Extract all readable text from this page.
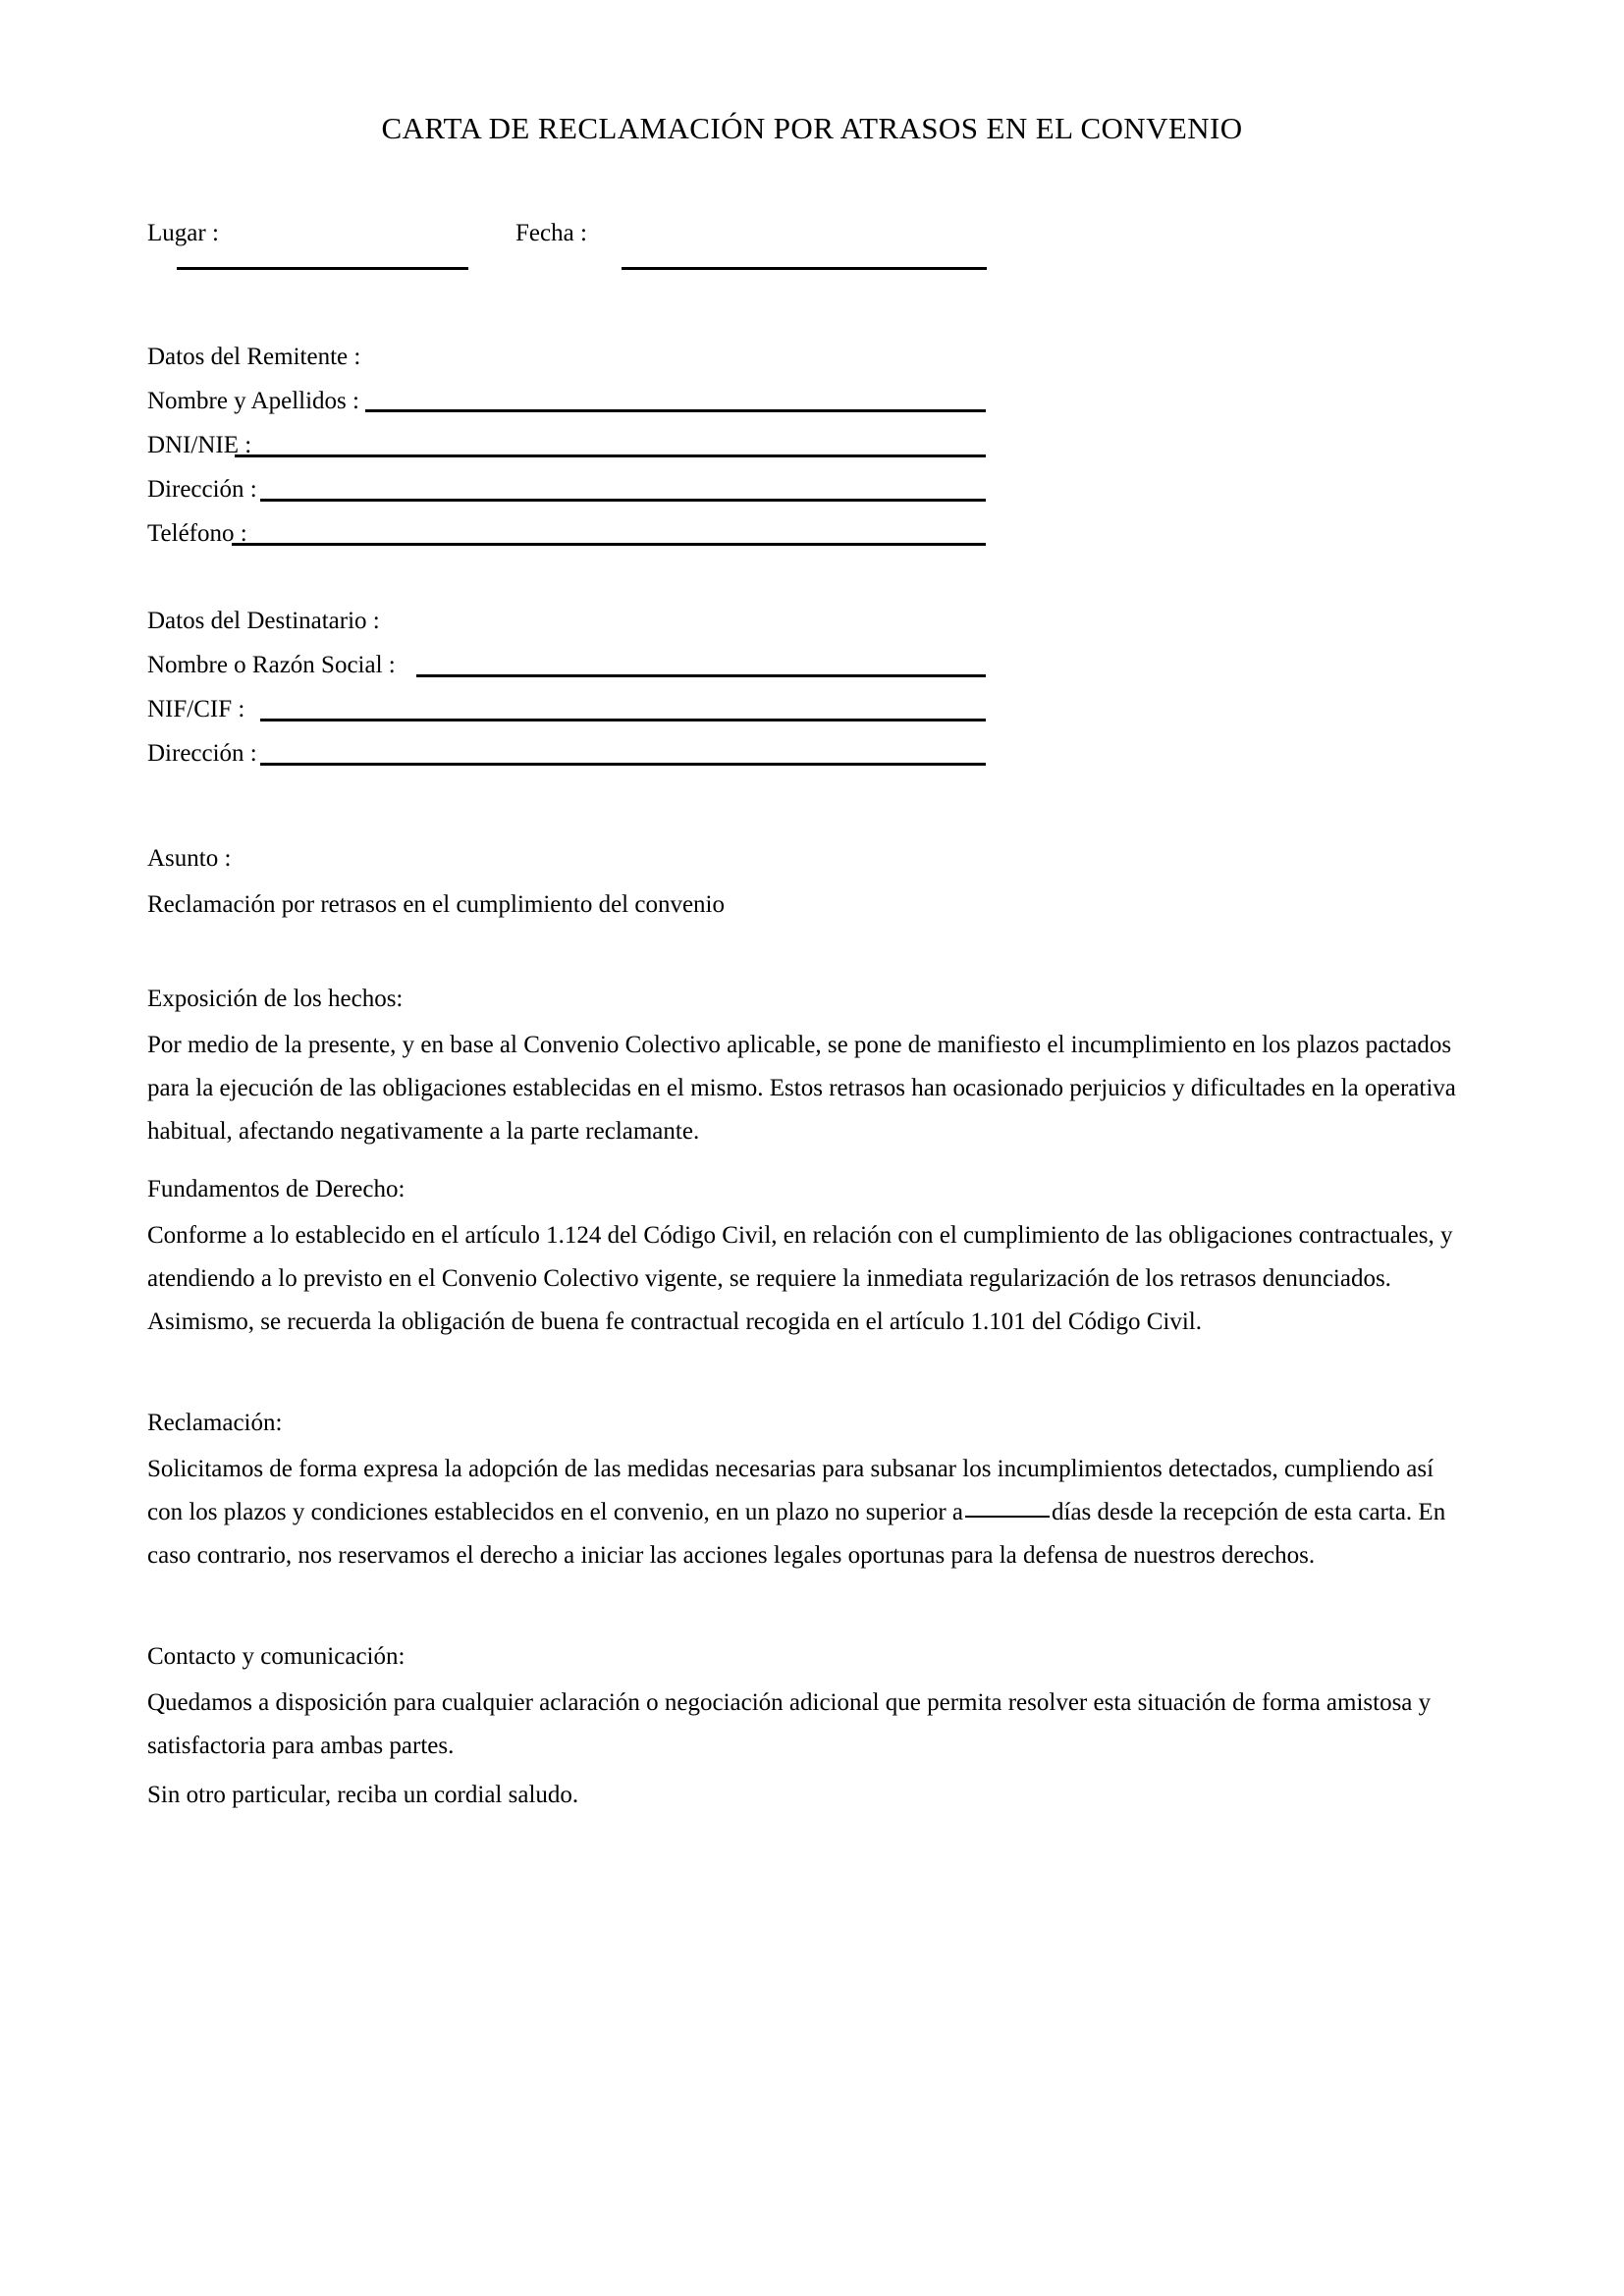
CARTA DE RECLAMACIÓN POR ATRASOS EN EL CONVENIO
Lugar :	Fecha :
Datos del Remitente :
Nombre y Apellidos :
DNI/NIE :
Dirección :
Teléfono :
Datos del Destinatario :
Nombre o Razón Social :
NIF/CIF :
Dirección :
Asunto :
Reclamación por retrasos en el cumplimiento del convenio
Exposición de los hechos:
Por medio de la presente, y en base al Convenio Colectivo aplicable, se pone de manifiesto el incumplimiento en los plazos pactados para la ejecución de las obligaciones establecidas en el mismo. Estos retrasos han ocasionado perjuicios y dificultades en la operativa habitual, afectando negativamente a la parte reclamante.
Fundamentos de Derecho:
Conforme a lo establecido en el artículo 1.124 del Código Civil, en relación con el cumplimiento de las obligaciones contractuales, y atendiendo a lo previsto en el Convenio Colectivo vigente, se requiere la inmediata regularización de los retrasos denunciados. Asimismo, se recuerda la obligación de buena fe contractual recogida en el artículo 1.101 del Código Civil.
Reclamación:
Solicitamos de forma expresa la adopción de las medidas necesarias para subsanar los incumplimientos detectados, cumpliendo así con los plazos y condiciones establecidos en el convenio, en un plazo no superior a	días desde la recepción de esta carta. En caso contrario, nos reservamos el derecho a iniciar las acciones legales oportunas para la defensa de nuestros derechos.
Contacto y comunicación:
Quedamos a disposición para cualquier aclaración o negociación adicional que permita resolver esta situación de forma amistosa y satisfactoria para ambas partes.
Sin otro particular, reciba un cordial saludo.
